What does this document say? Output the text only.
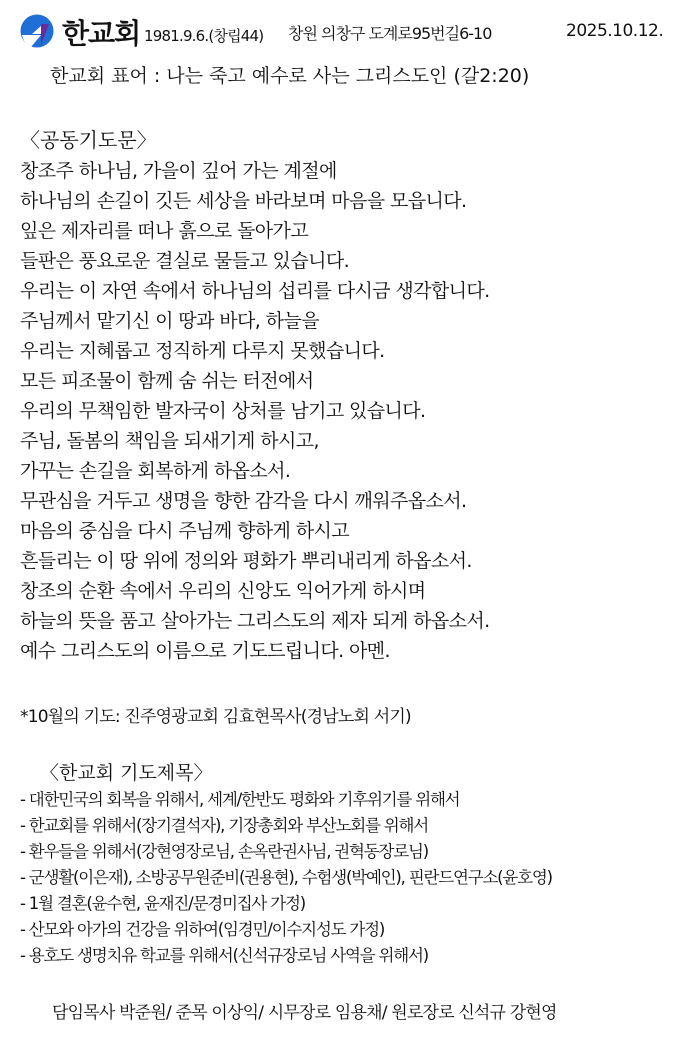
한교회 1981.9.6.(창립44) 창원 의창구 도계로95번길6-10	2025.10.12.
한교회 표어 : 나는 죽고 예수로 사는 그리스도인 (갈2:20)
〈공동기도문〉
창조주 하나님, 가을이 깊어 가는 계절에
하나님의 손길이 깃든 세상을 바라보며 마음을 모읍니다.
잎은 제자리를 떠나 흙으로 돌아가고
들판은 풍요로운 결실로 물들고 있습니다.
우리는 이 자연 속에서 하나님의 섭리를 다시금 생각합니다.
주님께서 맡기신 이 땅과 바다, 하늘을
우리는 지혜롭고 정직하게 다루지 못했습니다.
모든 피조물이 함께 숨 쉬는 터전에서
우리의 무책임한 발자국이 상처를 남기고 있습니다.
주님, 돌봄의 책임을 되새기게 하시고,
가꾸는 손길을 회복하게 하옵소서.
무관심을 거두고 생명을 향한 감각을 다시 깨워주옵소서.
마음의 중심을 다시 주님께 향하게 하시고
흔들리는 이 땅 위에 정의와 평화가 뿌리내리게 하옵소서.
창조의 순환 속에서 우리의 신앙도 익어가게 하시며
하늘의 뜻을 품고 살아가는 그리스도의 제자 되게 하옵소서.
예수 그리스도의 이름으로 기도드립니다. 아멘.
*10월의 기도: 진주영광교회 김효현목사(경남노회 서기)
〈한교회 기도제목〉
- 대한민국의 회복을 위해서, 세계/한반도 평화와 기후위기를 위해서
- 한교회를 위해서(장기결석자), 기장총회와 부산노회를 위해서
- 환우들을 위해서(강현영장로님, 손옥란권사님, 권혁동장로님)
- 군생활(이은재), 소방공무원준비(권용현), 수험생(박예인), 핀란드연구소(윤호영)
- 1월 결혼(윤수현, 윤재진/문경미집사 가정)
- 산모와 아가의 건강을 위하여(임경민/이수지성도 가정)
- 용호도 생명치유 학교를 위해서(신석규장로님 사역을 위해서)
담임목사 박준원/ 준목 이상익/ 시무장로 임용채/ 원로장로 신석규 강현영
